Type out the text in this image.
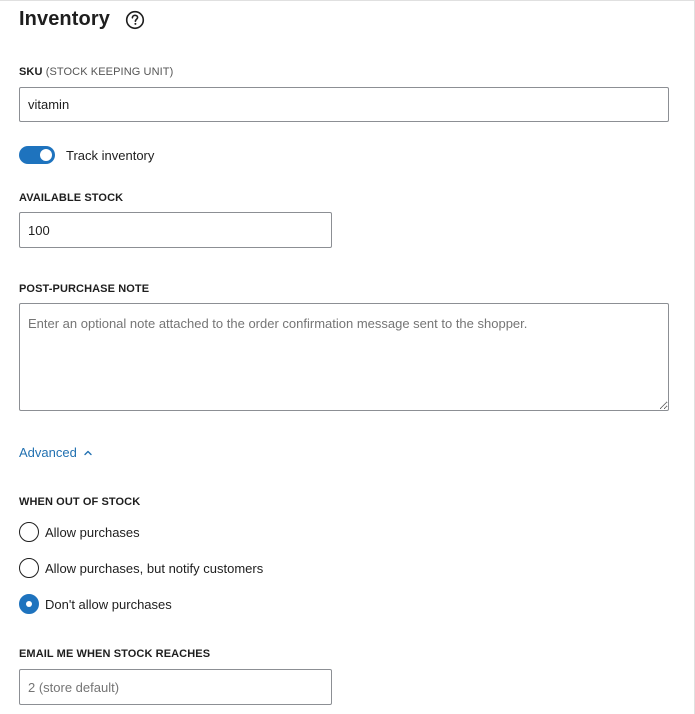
Inventory
SKU (STOCK KEEPING UNIT)
vitamin
Track inventory
AVAILABLE STOCK
100
POST-PURCHASE NOTE
Enter an optional note attached to the order confirmation message sent to the shopper.
Advanced
WHEN OUT OF STOCK
Allow purchases
Allow purchases, but notify customers
Don't allow purchases
EMAIL ME WHEN STOCK REACHES
2 (store default)
